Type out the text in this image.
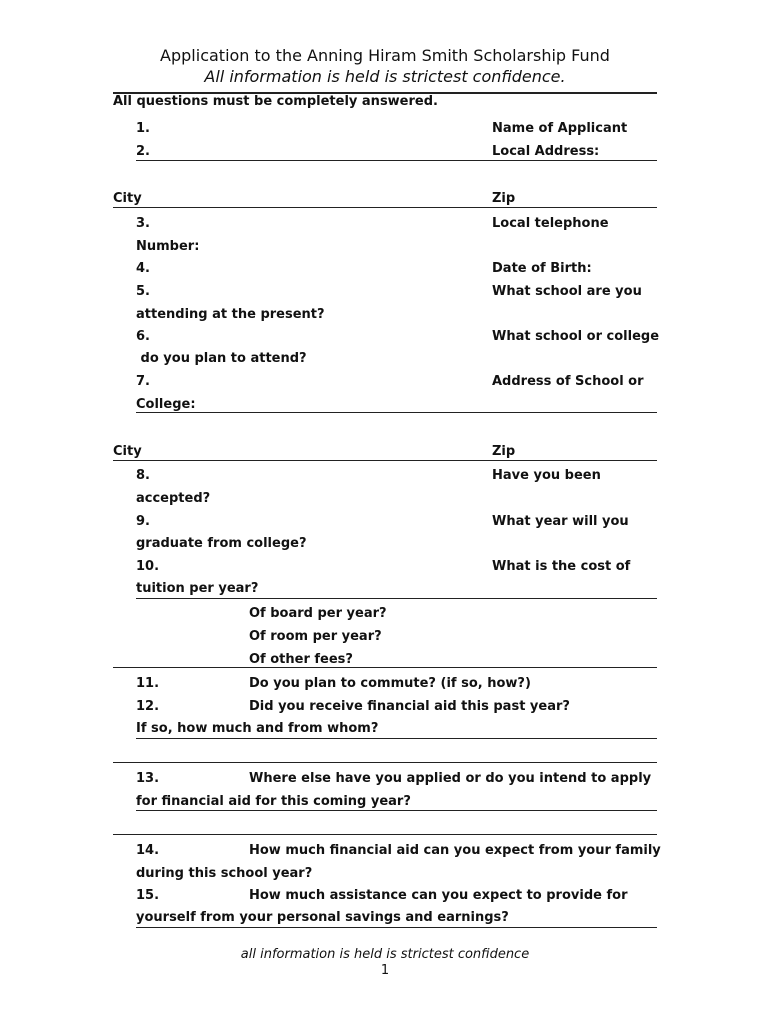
Application to the Anning Hiram Smith Scholarship Fund
All information is held is strictest confidence.
All questions must be completely answered.
1.	Name of Applicant
2.	Local Address:
City	Zip
3.	Local telephone
Number:
4.	Date of Birth:
5.	What school are you
attending at the present?
6.	What school or college
do you plan to attend?
7.	Address of School or
College:
City	Zip
8.	Have you been
accepted?
9.	What year will you
graduate from college?
10.	What is the cost of
tuition per year?
Of board per year?
Of room per year?
Of other fees?
11.	Do you plan to commute? (if so, how?)
12.	Did you receive financial aid this past year?
If so, how much and from whom?
13.	Where else have you applied or do you intend to apply
for financial aid for this coming year?
14.	How much financial aid can you expect from your family
during this school year?
15.	How much assistance can you expect to provide for
yourself from your personal savings and earnings?
all information is held is strictest confidence
1
